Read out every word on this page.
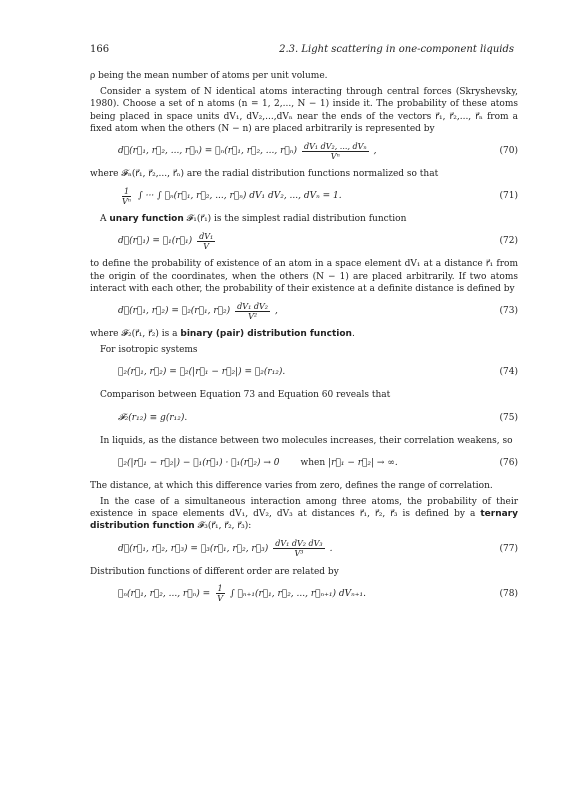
166	2.3. Light scattering in one-component liquids

ρ being the mean number of atoms per unit volume.

Consider a system of N identical atoms interacting through central forces (Skryshevsky, 1980). Choose a set of n atoms (n = 1, 2,..., N − 1) inside it. The probability of these atoms being placed in space units dV₁, dV₂,...,dVₙ near the ends of the vectors r⃗₁, r⃗₂,..., r⃗ₙ from a fixed atom when the others (N − n) are placed arbitrarily is represented by

d𝒫(r⃗₁, r⃗₂, ..., r⃗ₙ) = 𝓕ₙ(r⃗₁, r⃗₂, ..., r⃗ₙ) $\frac{\text{dV₁ dV₂, ..., dVₙ}}{\text{Vⁿ}}$ ,	(70)

where 𝓕ₙ(r⃗₁, r⃗₂,..., r⃗ₙ) are the radial distribution functions normalized so that

$\frac{1}{\text{Vⁿ}}$ ∫ ··· ∫ 𝓕ₙ(r⃗₁, r⃗₂, ..., r⃗ₙ) dV₁ dV₂, ..., dVₙ = 1.	(71)

A unary function 𝓕₁(r⃗₁) is the simplest radial distribution function

d𝒫(r⃗₁) = 𝓕₁(r⃗₁) $\frac{\text{dV₁}}{V}$	(72)

to define the probability of existence of an atom in a space element dV₁ at a distance r⃗₁ from the origin of the coordinates, when the others (N − 1) are placed arbitrarily. If two atoms interact with each other, the probability of their existence at a definite distance is defined by

d𝒫(r⃗₁, r⃗₂) = 𝓕₂(r⃗₁, r⃗₂) $\frac{\text{dV₁ dV₂}}{\text{V²}}$ ,	(73)

where 𝓕₂(r⃗₁, r⃗₂) is a binary (pair) distribution function.

For isotropic systems

𝓕₂(r⃗₁, r⃗₂) = 𝓕₂(|r⃗₁ − r⃗₂|) = 𝓕₂(r₁₂).	(74)

Comparison between Equation 73 and Equation 60 reveals that

𝓕₂(r₁₂) ≡ g(r₁₂).	(75)

In liquids, as the distance between two molecules increases, their correlation weakens, so

𝓕₂(|r⃗₁ − r⃗₂|) − 𝓕₁(r⃗₁) · 𝓕₁(r⃗₂) → 0 when |r⃗₁ − r⃗₂| → ∞.	(76)

The distance, at which this difference varies from zero, defines the range of correlation.

In the case of a simultaneous interaction among three atoms, the probability of their existence in space elements dV₁, dV₂, dV₃ at distances r⃗₁, r⃗₂, r⃗₃ is defined by a ternary distribution function 𝓕₃(r⃗₁, r⃗₂, r⃗₃):

d𝒫(r⃗₁, r⃗₂, r⃗₃) = 𝓕₃(r⃗₁, r⃗₂, r⃗₃) $\frac{\text{dV₁ dV₂ dV₃}}{\text{V³}}$ .	(77)

Distribution functions of different order are related by

𝓕ₙ(r⃗₁, r⃗₂, ..., r⃗ₙ) = $\frac{1}{V}$ ∫ 𝓕ₙ₊₁(r⃗₁, r⃗₂, ..., r⃗ₙ₊₁) dVₙ₊₁.	(78)
